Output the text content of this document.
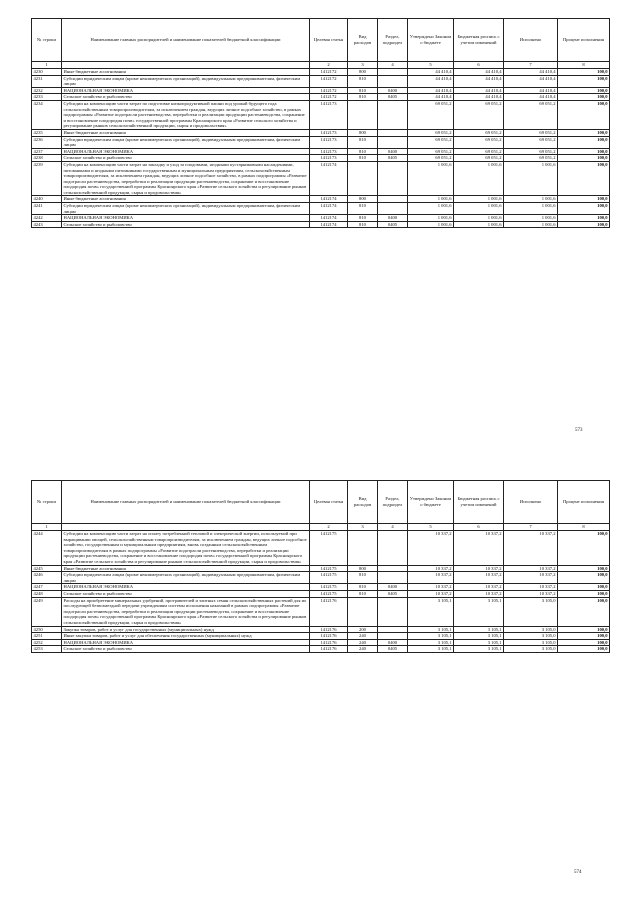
№ строки	Наименование главных распорядителей и наименование показателей бюджетной классификации	Целевая статья	Вид расходов	Раздел, подраздел	Утверждено Законом о бюджете	Бюджетная роспись с учетом изменений	Исполнено	Процент исполнения
1		2	3	4	5	6	7	8
4230	Иные бюджетные ассигнования	1412172	800		44 410,4	44 410,4	44 410,4	100,0
4231	Субсидии юридическим лицам (кроме некоммерческих организаций), индивидуальным предпринимателям, физическим лицам	1412172	810		44 410,4	44 410,4	44 410,4	100,0
4232	НАЦИОНАЛЬНАЯ ЭКОНОМИКА	1412172	810	0400	44 410,4	44 410,4	44 410,4	100,0
4233	Сельское хозяйство и рыболовство	1412172	810	0405	44 410,4	44 410,4	44 410,4	100,0
4234	Субсидии на компенсацию части затрат по подготовке низкопродуктивной пашни под урожай будущего года сельскохозяйственным товаропроизводителям, за исключением граждан, ведущих личное подсобное хозяйство, в рамках подпрограммы «Развитие подотрасли растениеводства, переработки и реализации продукции растениеводства, сохранение и восстановление плодородия почв» государственной программы Красноярского края «Развитие сельского хозяйства и регулирование рынков сельскохозяйственной продукции, сырья и продовольствия»	1412173			69 051,2	69 051,2	69 051,2	100,0
4235	Иные бюджетные ассигнования	1412173	800		69 051,2	69 051,2	69 051,2	100,0
4236	Субсидии юридическим лицам (кроме некоммерческих организаций), индивидуальным предпринимателям, физическим лицам	1412173	810		69 051,2	69 051,2	69 051,2	100,0
4237	НАЦИОНАЛЬНАЯ ЭКОНОМИКА	1412173	810	0400	69 051,2	69 051,2	69 051,2	100,0
4238	Сельское хозяйство и рыболовство	1412173	810	0405	69 051,2	69 051,2	69 051,2	100,0
4239	Субсидии на компенсацию части затрат на закладку и уход за плодовыми, ягодными кустарниковыми насаждениями, питомниками и ягодными питомниками государственным и муниципальным предприятиям, сельскохозяйственным товаропроизводителям, за исключением граждан, ведущих личное подсобное хозяйство, в рамках подпрограммы «Развитие подотрасли растениеводства, переработки и реализации продукции растениеводства, сохранение и восстановление плодородия почв» государственной программы Красноярского края «Развитие сельского хозяйства и регулирование рынков сельскохозяйственной продукции, сырья и продовольствия»	1412174			1 001,6	1 001,6	1 001,6	100,0
4240	Иные бюджетные ассигнования	1412174	800		1 001,6	1 001,6	1 001,6	100,0
4241	Субсидии юридическим лицам (кроме некоммерческих организаций), индивидуальным предпринимателям, физическим лицам	1412174	810		1 001,6	1 001,6	1 001,6	100,0
4242	НАЦИОНАЛЬНАЯ ЭКОНОМИКА	1412174	810	0400	1 001,6	1 001,6	1 001,6	100,0
4243	Сельское хозяйство и рыболовство	1412174	810	0405	1 001,6	1 001,6	1 001,6	100,0
573
№ строки	Наименование главных распорядителей и наименование показателей бюджетной классификации	Целевая статья	Вид расходов	Раздел, подраздел	Утверждено Законом о бюджете	Бюджетная роспись с учетом изменений	Исполнено	Процент исполнения
1		2	3	4	5	6	7	8
4244	Субсидии на компенсацию части затрат на оплату потребленной тепловой и электрической энергии, используемой при выращивании овощей, сельскохозяйственным товаропроизводителям, за исключением граждан, ведущих личное подсобное хозяйство, государственным и муниципальным предприятиям, вновь созданным сельскохозяйственным товаропроизводителям в рамках подпрограммы «Развитие подотрасли растениеводства, переработки и реализации продукции растениеводства, сохранение и восстановление плодородия почв» государственной программы Красноярского края «Развитие сельского хозяйства и регулирование рынков сельскохозяйственной продукции, сырья и продовольствия»	1412175			10 337,2	10 337,2	10 337,2	100,0
4245	Иные бюджетные ассигнования	1412175	800		10 337,2	10 337,2	10 337,2	100,0
4246	Субсидии юридическим лицам (кроме некоммерческих организаций), индивидуальным предпринимателям, физическим лицам	1412175	810		10 337,2	10 337,2	10 337,2	100,0
4247	НАЦИОНАЛЬНАЯ ЭКОНОМИКА	1412175	810	0400	10 337,2	10 337,2	10 337,2	100,0
4248	Сельское хозяйство и рыболовство	1412175	810	0405	10 337,2	10 337,2	10 337,2	100,0
4249	Расходы на приобретение минеральных удобрений, протравителей и элитных семян сельскохозяйственных растений для их последующей безвозмездной передачи учреждениям системы исполнения наказаний в рамках подпрограммы «Развитие подотрасли растениеводства, переработки и реализации продукции растениеводства, сохранение и восстановление плодородия почв» государственной программы Красноярского края «Развитие сельского хозяйства и регулирование рынков сельскохозяйственной продукции, сырья и продовольствия»	1412176			3 105,1	3 105,1	3 105,0	100,0
4250	Закупка товаров, работ и услуг для государственных (муниципальных) нужд	1412176	200		3 105,1	3 105,1	3 105,0	100,0
4251	Иные закупки товаров, работ и услуг для обеспечения государственных (муниципальных) нужд	1412176	240		3 105,1	3 105,1	3 105,0	100,0
4252	НАЦИОНАЛЬНАЯ ЭКОНОМИКА	1412176	240	0400	3 105,1	3 105,1	3 105,0	100,0
4253	Сельское хозяйство и рыболовство	1412176	240	0405	3 105,1	3 105,1	3 105,0	100,0
574
